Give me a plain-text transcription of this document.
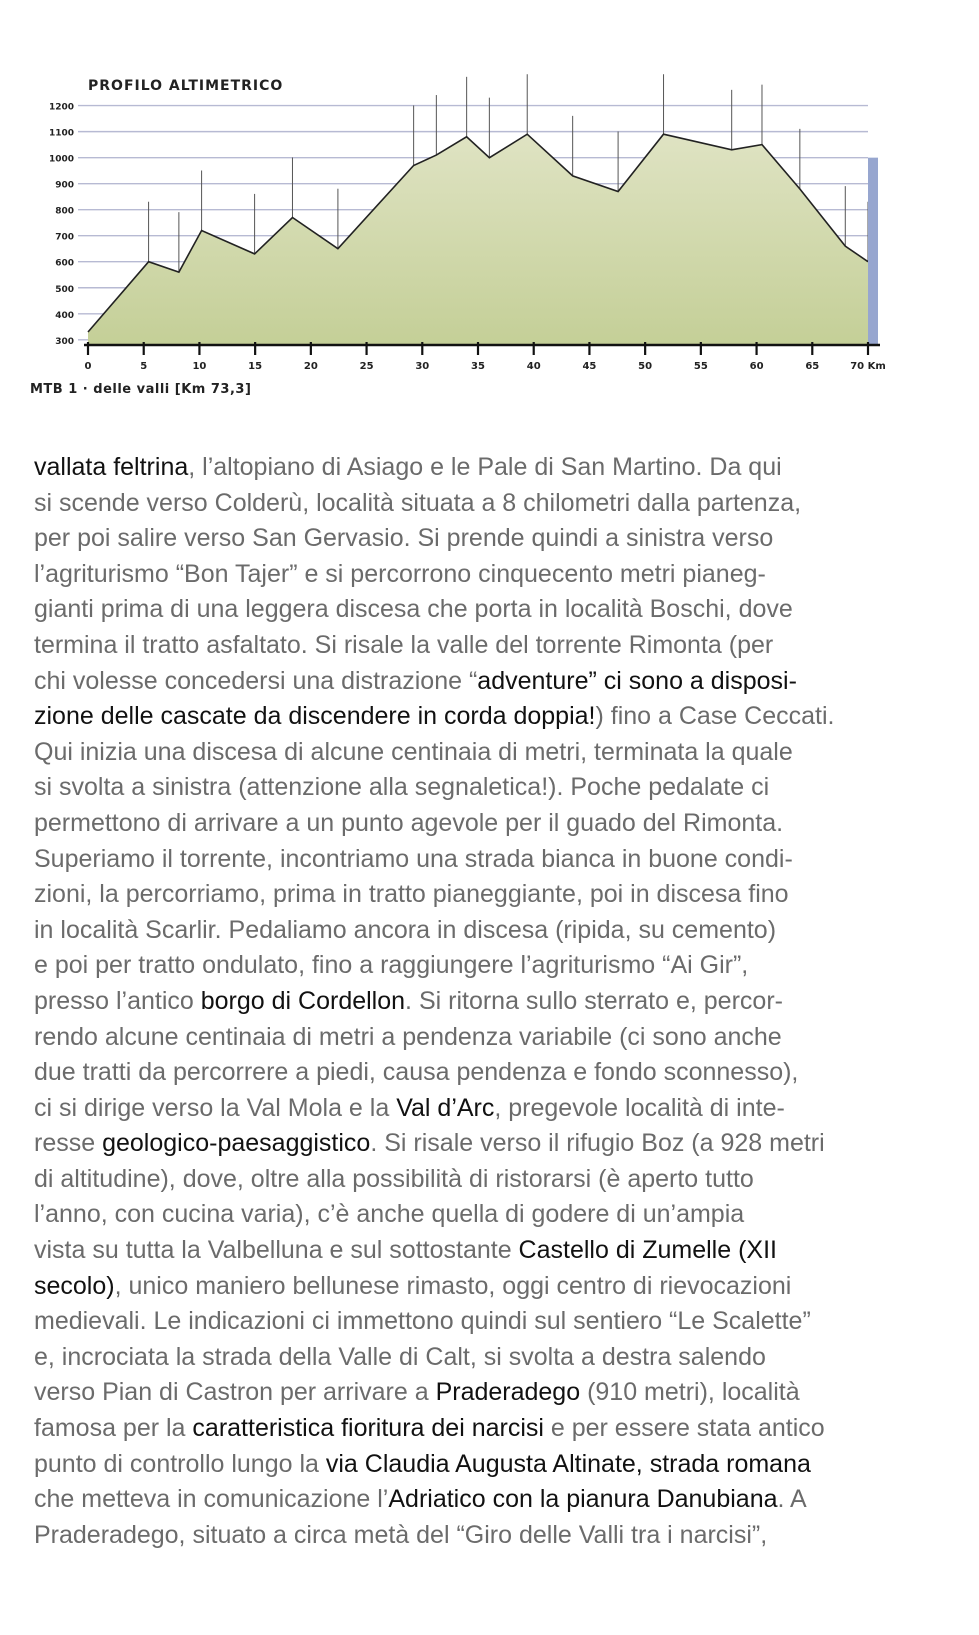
300
400
500
600
700
800
900
1000
1100
1200
0	5	10	15	20	25	30	35	40	45	50	55	60	65	70 Km
PROFILO ALTIMETRICO
MTB 1 · delle valli [Km 73,3]
vallata feltrina, l’altopiano di Asiago e le Pale di San Martino. Da qui
si scende verso Colderù, località situata a 8 chilometri dalla partenza,
per poi salire verso San Gervasio. Si prende quindi a sinistra verso
l’agriturismo “Bon Tajer” e si percorrono cinquecento metri pianeg-
gianti prima di una leggera discesa che porta in località Boschi, dove
termina il tratto asfaltato. Si risale la valle del torrente Rimonta (per
chi volesse concedersi una distrazione “adventure” ci sono a disposi-
zione delle cascate da discendere in corda doppia!) fino a Case Ceccati.
Qui inizia una discesa di alcune centinaia di metri, terminata la quale
si svolta a sinistra (attenzione alla segnaletica!). Poche pedalate ci
permettono di arrivare a un punto agevole per il guado del Rimonta.
Superiamo il torrente, incontriamo una strada bianca in buone condi-
zioni, la percorriamo, prima in tratto pianeggiante, poi in discesa fino
in località Scarlir. Pedaliamo ancora in discesa (ripida, su cemento)
e poi per tratto ondulato, fino a raggiungere l’agriturismo “Ai Gir”,
presso l’antico borgo di Cordellon. Si ritorna sullo sterrato e, percor-
rendo alcune centinaia di metri a pendenza variabile (ci sono anche
due tratti da percorrere a piedi, causa pendenza e fondo sconnesso),
ci si dirige verso la Val Mola e la Val d’Arc, pregevole località di inte-
resse geologico-paesaggistico. Si risale verso il rifugio Boz (a 928 metri
di altitudine), dove, oltre alla possibilità di ristorarsi (è aperto tutto
l’anno, con cucina varia), c’è anche quella di godere di un’ampia
vista su tutta la Valbelluna e sul sottostante Castello di Zumelle (XII
secolo), unico maniero bellunese rimasto, oggi centro di rievocazioni
medievali. Le indicazioni ci immettono quindi sul sentiero “Le Scalette”
e, incrociata la strada della Valle di Calt, si svolta a destra salendo
verso Pian di Castron per arrivare a Praderadego (910 metri), località
famosa per la caratteristica fioritura dei narcisi e per essere stata antico
punto di controllo lungo la via Claudia Augusta Altinate, strada romana
che metteva in comunicazione l’Adriatico con la pianura Danubiana. A
Praderadego, situato a circa metà del “Giro delle Valli tra i narcisi”,
